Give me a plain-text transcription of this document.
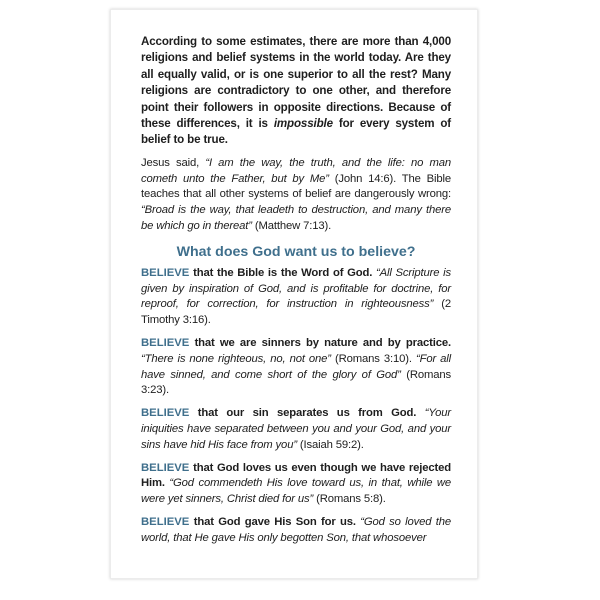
According to some estimates, there are more than 4,000 religions and belief systems in the world today. Are they all equally valid, or is one superior to all the rest? Many religions are contradictory to one other, and therefore point their followers in opposite directions. Because of these differences, it is impossible for every system of belief to be true.

Jesus said, “I am the way, the truth, and the life: no man cometh unto the Father, but by Me” (John 14:6). The Bible teaches that all other systems of belief are dangerously wrong: “Broad is the way, that leadeth to destruction, and many there be which go in thereat” (Matthew 7:13).

What does God want us to believe?

BELIEVE that the Bible is the Word of God. “All Scripture is given by inspiration of God, and is profitable for doctrine, for reproof, for correction, for instruction in righteousness” (2 Timothy 3:16).

BELIEVE that we are sinners by nature and by practice. “There is none righteous, no, not one” (Romans 3:10). “For all have sinned, and come short of the glory of God” (Romans 3:23).

BELIEVE that our sin separates us from God. “Your iniquities have separated between you and your God, and your sins have hid His face from you” (Isaiah 59:2).

BELIEVE that God loves us even though we have rejected Him. “God commendeth His love toward us, in that, while we were yet sinners, Christ died for us” (Romans 5:8).

BELIEVE that God gave His Son for us. “God so loved the world, that He gave His only begotten Son, that whosoever
